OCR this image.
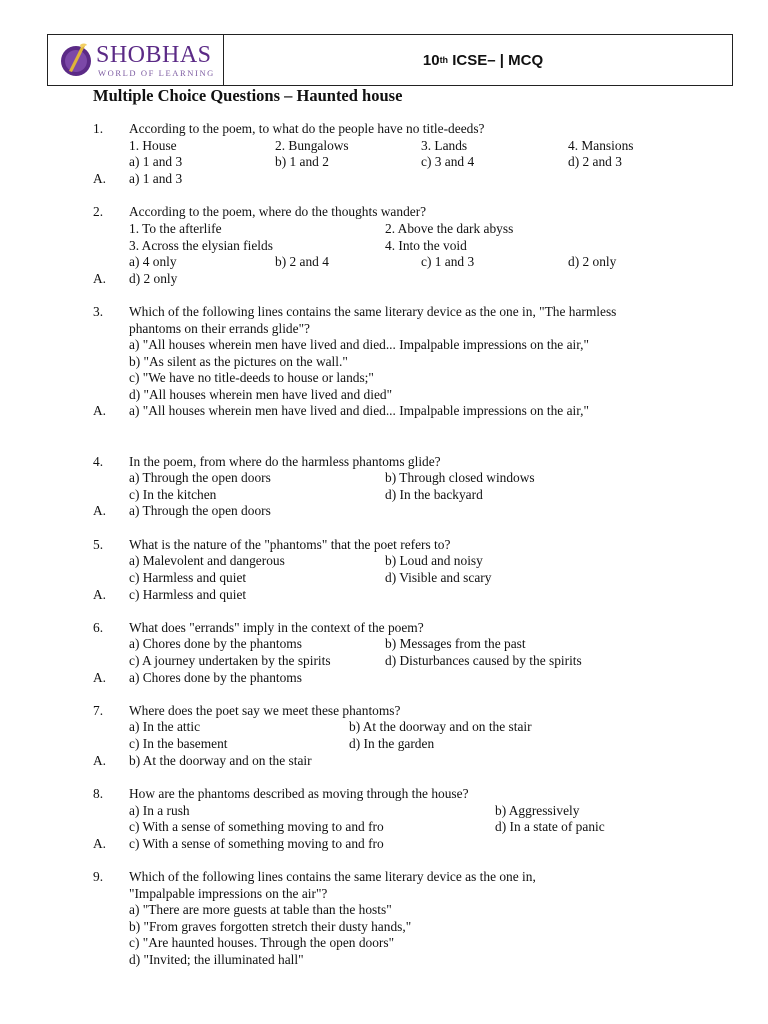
SHOBHAS
WORLD OF LEARNING
10 th ICSE– | MCQ
Multiple Choice Questions – Haunted house
1. According to the poem, to what do the people have no title-deeds?
1. House	2. Bungalows	3. Lands	4. Mansions
a) 1 and 3	b) 1 and 2	c) 3 and 4	d) 2 and 3
A. a) 1 and 3
2. According to the poem, where do the thoughts wander?
1. To the afterlife	2. Above the dark abyss
3. Across the elysian fields	4. Into the void
a) 4 only	b) 2 and 4	c) 1 and 3	d) 2 only
A. d) 2 only
3. Which of the following lines contains the same literary device as the one in, "The harmless
phantoms on their errands glide"?
a) "All houses wherein men have lived and died... Impalpable impressions on the air,"
b) "As silent as the pictures on the wall."
c) "We have no title-deeds to house or lands;"
d) "All houses wherein men have lived and died"
A. a) "All houses wherein men have lived and died... Impalpable impressions on the air,"
4. In the poem, from where do the harmless phantoms glide?
a) Through the open doors	b) Through closed windows
c) In the kitchen	d) In the backyard
A. a) Through the open doors
5. What is the nature of the "phantoms" that the poet refers to?
a) Malevolent and dangerous	b) Loud and noisy
c) Harmless and quiet	d) Visible and scary
A. c) Harmless and quiet
6. What does "errands" imply in the context of the poem?
a) Chores done by the phantoms	b) Messages from the past
c) A journey undertaken by the spirits	d) Disturbances caused by the spirits
A. a) Chores done by the phantoms
7. Where does the poet say we meet these phantoms?
a) In the attic	b) At the doorway and on the stair
c) In the basement	d) In the garden
A. b) At the doorway and on the stair
8. How are the phantoms described as moving through the house?
a) In a rush	b) Aggressively
c) With a sense of something moving to and fro	d) In a state of panic
A. c) With a sense of something moving to and fro
9. Which of the following lines contains the same literary device as the one in,
"Impalpable impressions on the air"?
a) "There are more guests at table than the hosts"
b) "From graves forgotten stretch their dusty hands,"
c) "Are haunted houses. Through the open doors"
d) "Invited; the illuminated hall"
